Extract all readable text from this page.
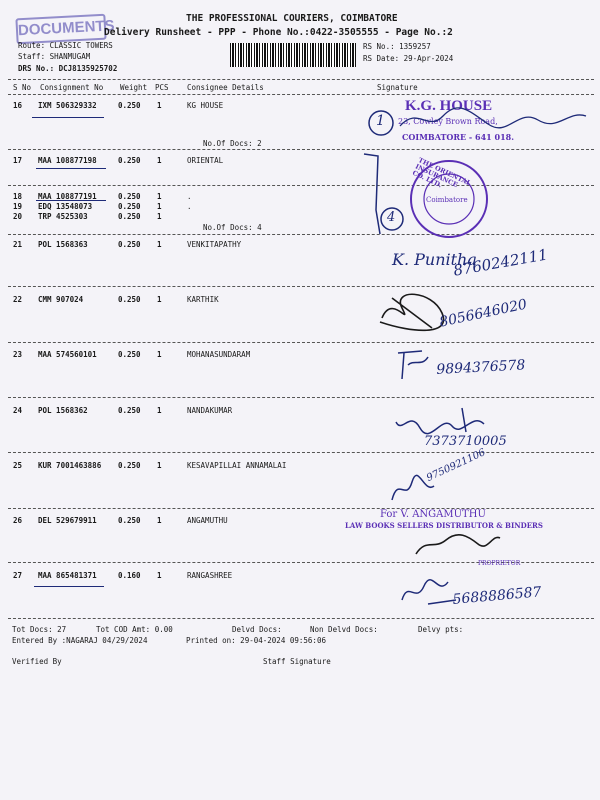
DOCUMENTS	THE PROFESSIONAL COURIERS, COIMBATORE
Delivery Runsheet - PPP - Phone No.:0422-3505555 - Page No.:2
Route: CLASSIC TOWERS
Staff: SHANMUGAM
DRS No.: DCJ8135925702
RS No.: 1359257
RS Date: 29-Apr-2024
S No Consignment No Weight PCS Consignee Details	Signature
16 IXM 506329332	0.250 1	KG HOUSE
No.Of Docs: 2
17 MAA 108877198	0.250 1	ORIENTAL
18 MAA 108877191	0.250 1	.
19 EDQ 13548073	0.250 1	.
20 TRP 4525303	0.250 1
No.Of Docs: 4
21 POL 1568363	0.250 1	VENKITAPATHY
22 CMM 907024	0.250 1	KARTHIK
23 MAA 574560101	0.250 1	MOHANASUNDARAM
24 POL 1568362	0.250 1	NANDAKUMAR
25 KUR 7001463886 0.250 1	KESAVAPILLAI ANNAMALAI
26 DEL 529679911	0.250 1	ANGAMUTHU
27 MAA 865481371	0.160 1	RANGASHREE
1
K.G. HOUSE
23, Cowley Brown Road,
COIMBATORE - 641 018.
4
THE ORIENTAL INSURANCE CO. LTD.
Coimbatore
K. Punitha
8760242111
8056646020
9894376578
7373710005
9750921106
For V. ANGAMUTHU
LAW BOOKS SELLERS DISTRIBUTOR & BINDERS
PROPRIETOR
5688886587
Tot Docs: 27	Tot COD Amt: 0.00	Delvd Docs:	Non Delvd Docs:	Delvy pts:
Entered By :NAGARAJ 04/29/2024	Printed on: 29-04-2024 09:56:06
Verified By	Staff Signature
